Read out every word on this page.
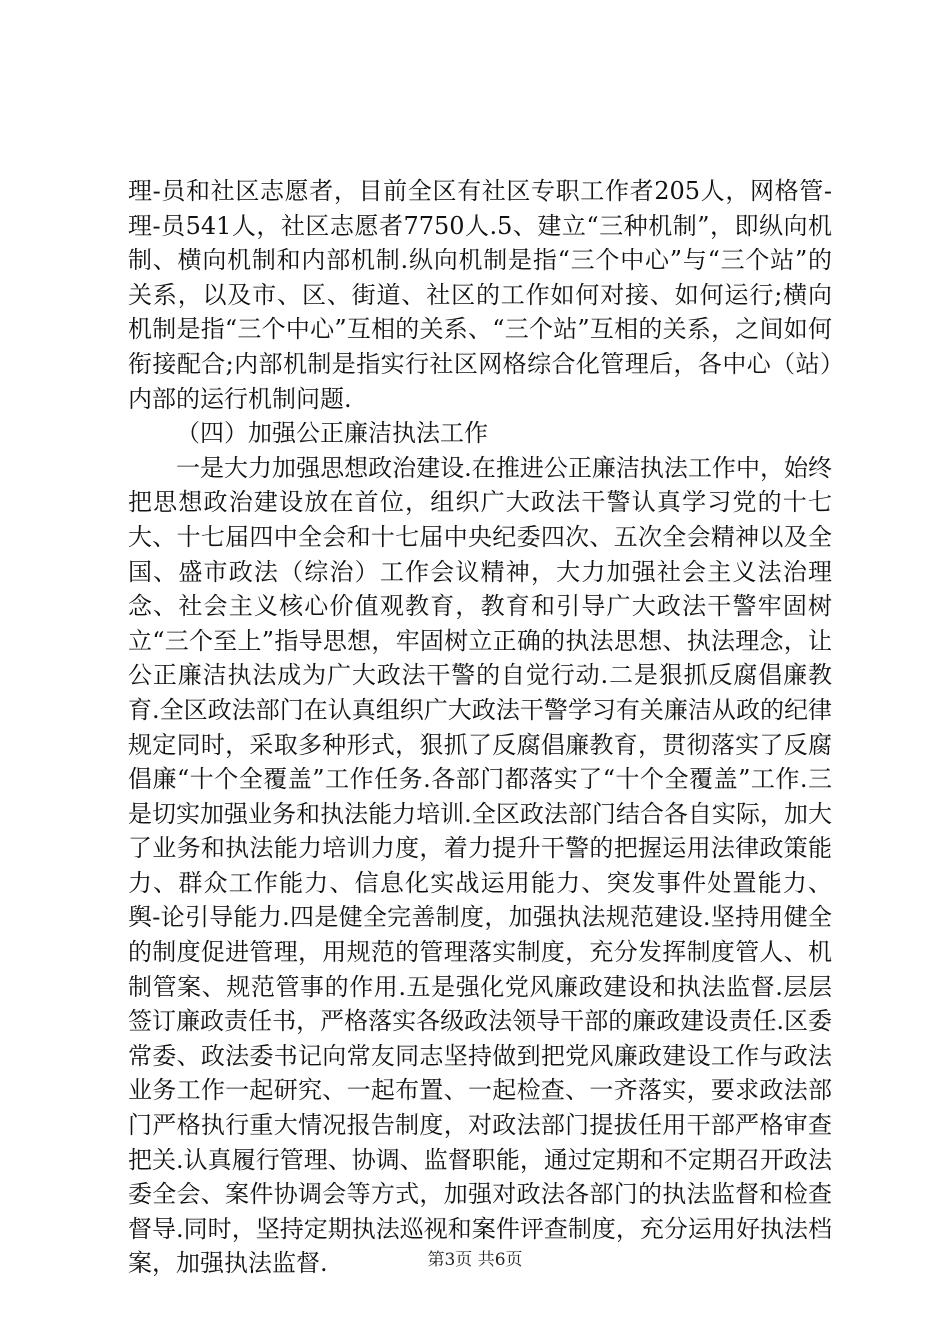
理-员和社区志愿者，目前全区有社区专职工作者205人，网格管-理-员541人，社区志愿者7750人.5、建立“三种机制”，即纵向机制、横向机制和内部机制.纵向机制是指“三个中心”与“三个站”的关系，以及市、区、街道、社区的工作如何对接、如何运行;横向机制是指“三个中心”互相的关系、“三个站”互相的关系，之间如何衔接配合;内部机制是指实行社区网格综合化管理后，各中心（站）内部的运行机制问题.

（四）加强公正廉洁执法工作

一是大力加强思想政治建设.在推进公正廉洁执法工作中，始终把思想政治建设放在首位，组织广大政法干警认真学习党的十七大、十七届四中全会和十七届中央纪委四次、五次全会精神以及全国、盛市政法（综治）工作会议精神，大力加强社会主义法治理念、社会主义核心价值观教育，教育和引导广大政法干警牢固树立“三个至上”指导思想，牢固树立正确的执法思想、执法理念，让公正廉洁执法成为广大政法干警的自觉行动.二是狠抓反腐倡廉教育.全区政法部门在认真组织广大政法干警学习有关廉洁从政的纪律规定同时，采取多种形式，狠抓了反腐倡廉教育，贯彻落实了反腐倡廉“十个全覆盖”工作任务.各部门都落实了“十个全覆盖”工作.三是切实加强业务和执法能力培训.全区政法部门结合各自实际，加大了业务和执法能力培训力度，着力提升干警的把握运用法律政策能力、群众工作能力、信息化实战运用能力、突发事件处置能力、舆-论引导能力.四是健全完善制度，加强执法规范建设.坚持用健全的制度促进管理，用规范的管理落实制度，充分发挥制度管人、机制管案、规范管事的作用.五是强化党风廉政建设和执法监督.层层签订廉政责任书，严格落实各级政法领导干部的廉政建设责任.区委常委、政法委书记向常友同志坚持做到把党风廉政建设工作与政法业务工作一起研究、一起布置、一起检查、一齐落实，要求政法部门严格执行重大情况报告制度，对政法部门提拔任用干部严格审查把关.认真履行管理、协调、监督职能，通过定期和不定期召开政法委全会、案件协调会等方式，加强对政法各部门的执法监督和检查督导.同时，坚持定期执法巡视和案件评查制度，充分运用好执法档案，加强执法监督.	第3页 共6页
